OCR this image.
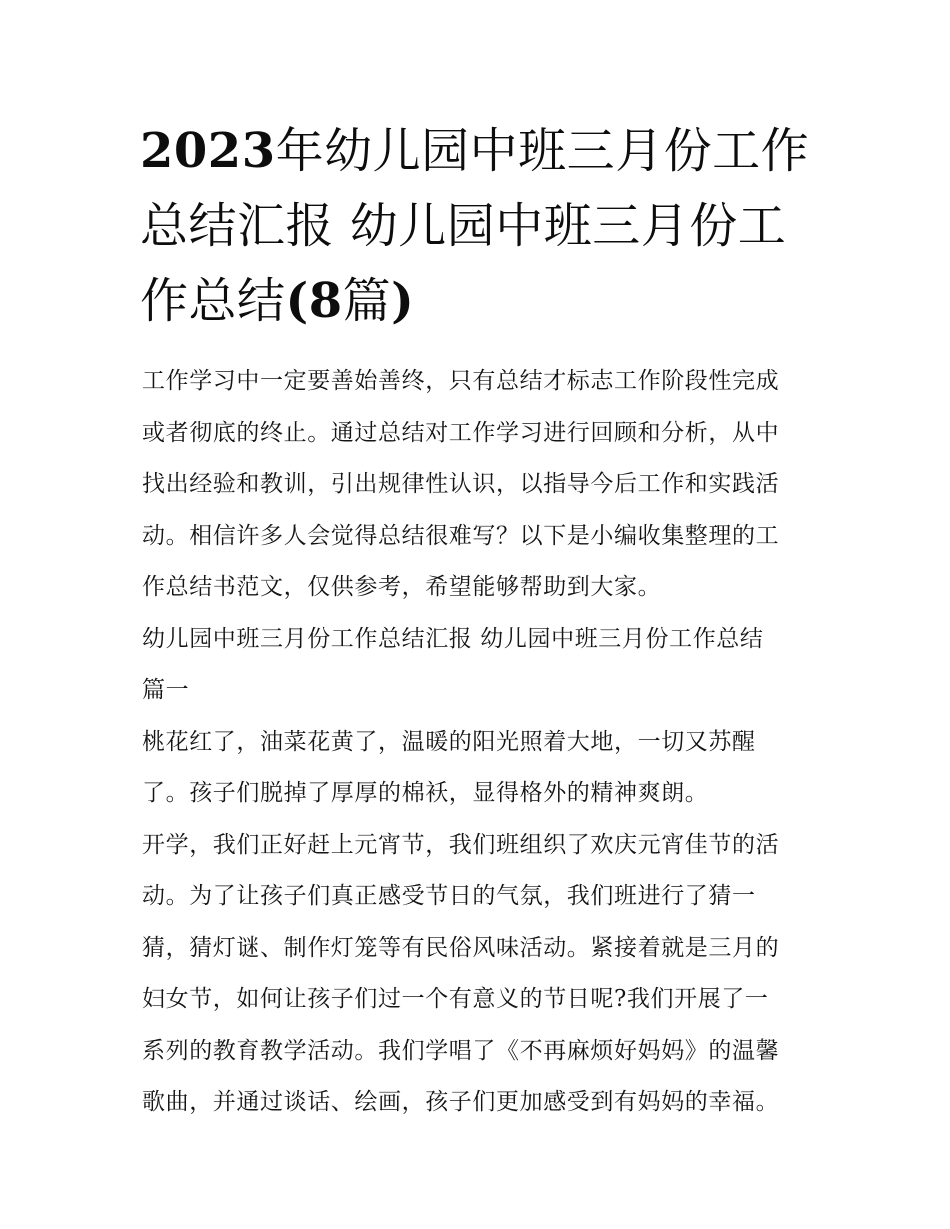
2023年幼儿园中班三月份工作
总结汇报 幼儿园中班三月份工
作总结(8篇)
工作学习中一定要善始善终，只有总结才标志工作阶段性完成
或者彻底的终止。通过总结对工作学习进行回顾和分析，从中
找出经验和教训，引出规律性认识，以指导今后工作和实践活
动。相信许多人会觉得总结很难写？以下是小编收集整理的工
作总结书范文，仅供参考，希望能够帮助到大家。
幼儿园中班三月份工作总结汇报 幼儿园中班三月份工作总结
篇一
桃花红了，油菜花黄了，温暖的阳光照着大地，一切又苏醒
了。孩子们脱掉了厚厚的棉袄，显得格外的精神爽朗。
开学，我们正好赶上元宵节，我们班组织了欢庆元宵佳节的活
动。为了让孩子们真正感受节日的气氛，我们班进行了猜一
猜，猜灯谜、制作灯笼等有民俗风味活动。紧接着就是三月的
妇女节，如何让孩子们过一个有意义的节日呢?我们开展了一
系列的教育教学活动。我们学唱了《不再麻烦好妈妈》的温馨
歌曲，并通过谈话、绘画，孩子们更加感受到有妈妈的幸福。
